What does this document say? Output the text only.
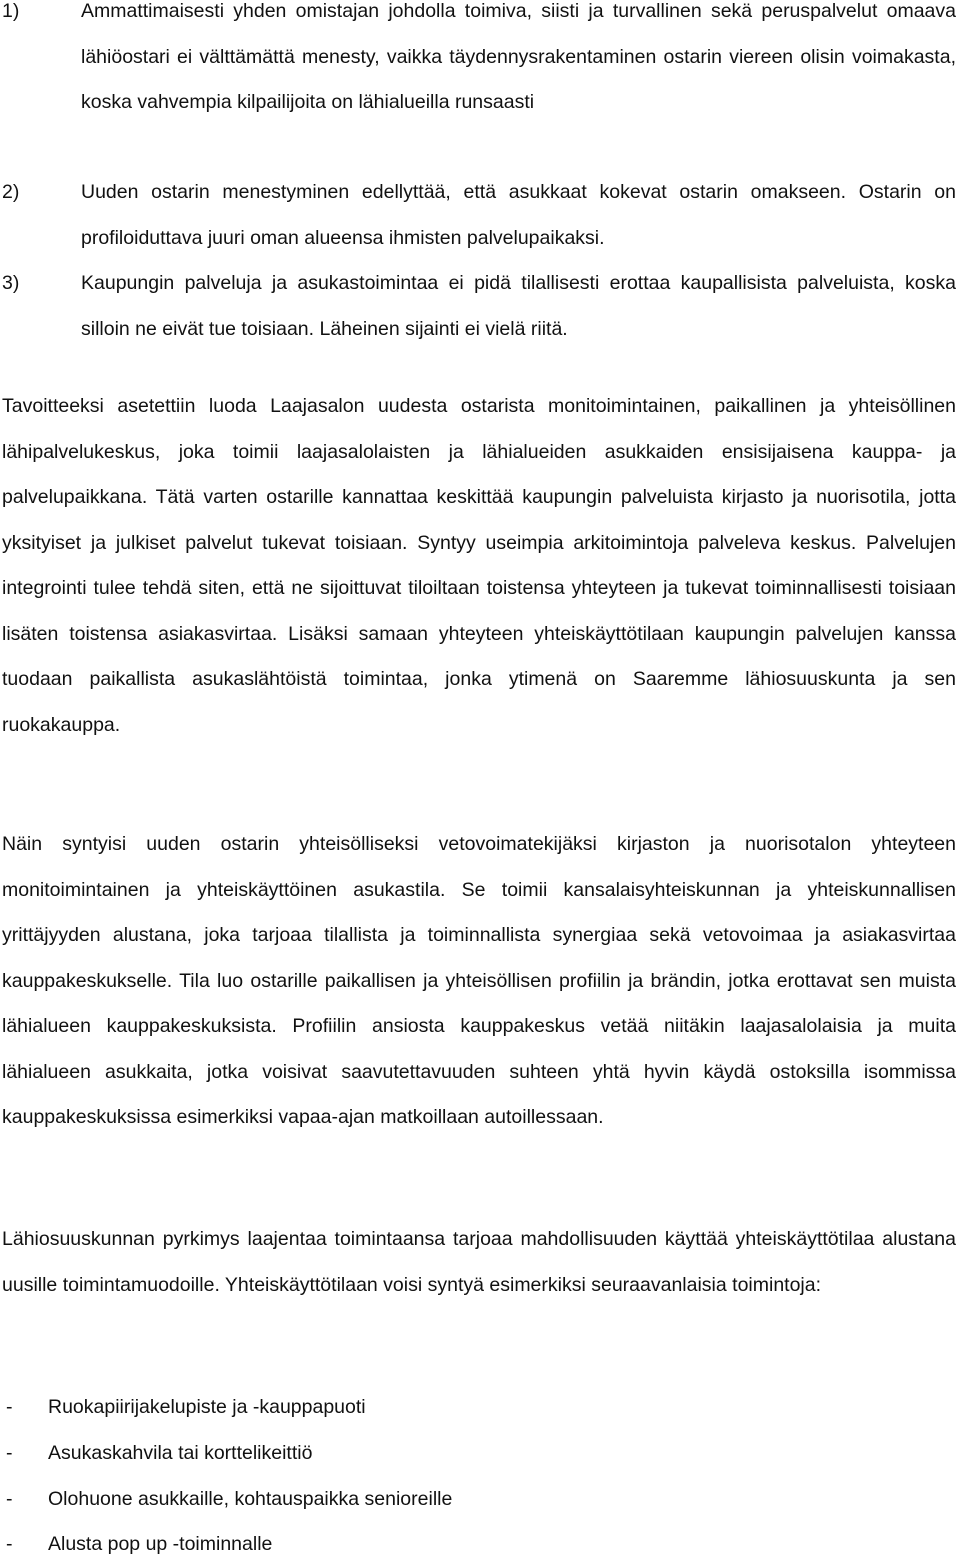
1)	Ammattimaisesti yhden omistajan johdolla toimiva, siisti ja turvallinen sekä peruspalvelut omaava lähiöostari ei välttämättä menesty, vaikka täydennysrakentaminen ostarin viereen olisin voimakasta, koska vahvempia kilpailijoita on lähialueilla runsaasti
2)	Uuden ostarin menestyminen edellyttää, että asukkaat kokevat ostarin omakseen. Ostarin on profiloiduttava juuri oman alueensa ihmisten palvelupaikaksi.
3)	Kaupungin palveluja ja asukastoimintaa ei pidä tilallisesti erottaa kaupallisista palveluista, koska silloin ne eivät tue toisiaan. Läheinen sijainti ei vielä riitä.

Tavoitteeksi asetettiin luoda Laajasalon uudesta ostarista monitoimintainen, paikallinen ja yhteisöllinen lähipalvelukeskus, joka toimii laajasalolaisten ja lähialueiden asukkaiden ensisijaisena kauppa- ja palvelupaikkana. Tätä varten ostarille kannattaa keskittää kaupungin palveluista kirjasto ja nuorisotila, jotta yksityiset ja julkiset palvelut tukevat toisiaan. Syntyy useimpia arkitoimintoja palveleva keskus. Palvelujen integrointi tulee tehdä siten, että ne sijoittuvat tiloiltaan toistensa yhteyteen ja tukevat toiminnallisesti toisiaan lisäten toistensa asiakasvirtaa. Lisäksi samaan yhteyteen yhteiskäyttötilaan kaupungin palvelujen kanssa tuodaan paikallista asukaslähtöistä toimintaa, jonka ytimenä on Saaremme lähiosuuskunta ja sen ruokakauppa.

Näin syntyisi uuden ostarin yhteisölliseksi vetovoimatekijäksi kirjaston ja nuorisotalon yhteyteen monitoimintainen ja yhteiskäyttöinen asukastila. Se toimii kansalaisyhteiskunnan ja yhteiskunnallisen yrittäjyyden alustana, joka tarjoaa tilallista ja toiminnallista synergiaa sekä vetovoimaa ja asiakasvirtaa kauppakeskukselle. Tila luo ostarille paikallisen ja yhteisöllisen profiilin ja brändin, jotka erottavat sen muista lähialueen kauppakeskuksista. Profiilin ansiosta kauppakeskus vetää niitäkin laajasalolaisia ja muita lähialueen asukkaita, jotka voisivat saavutettavuuden suhteen yhtä hyvin käydä ostoksilla isommissa kauppakeskuksissa esimerkiksi vapaa-ajan matkoillaan autoillessaan.

Lähiosuuskunnan pyrkimys laajentaa toimintaansa tarjoaa mahdollisuuden käyttää yhteiskäyttötilaa alustana uusille toimintamuodoille. Yhteiskäyttötilaan voisi syntyä esimerkiksi seuraavanlaisia toimintoja:

- Ruokapiirijakelupiste ja -kauppapuoti
- Asukaskahvila tai korttelikeittiö
- Olohuone asukkaille, kohtauspaikka senioreille
- Alusta pop up -toiminnalle
